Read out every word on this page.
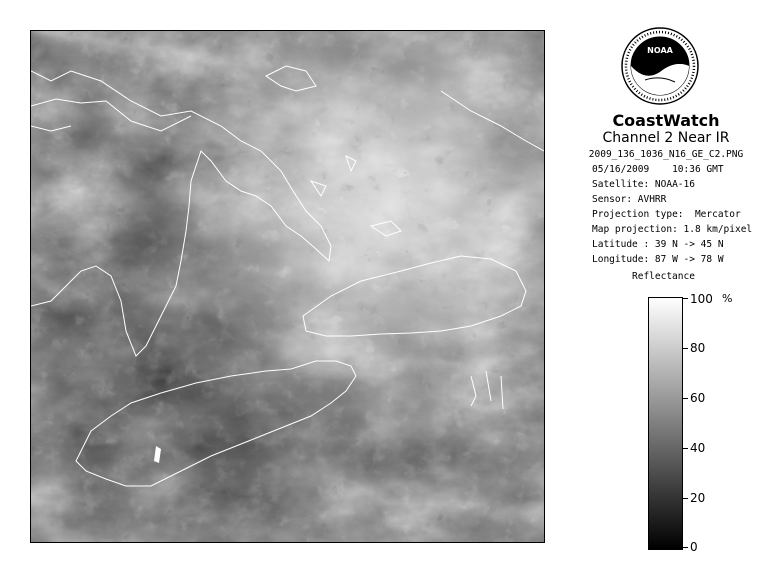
NOAA
CoastWatch
Channel 2 Near IR
2009_136_1036_N16_GE_C2.PNG
05/16/2009    10:36 GMT
Satellite: NOAA-16
Sensor: AVHRR
Projection type:  Mercator
Map projection: 1.8 km/pixel
Latitude : 39 N -> 45 N
Longitude: 87 W -> 78 W
Reflectance
%
100
80
60
40
20
0
